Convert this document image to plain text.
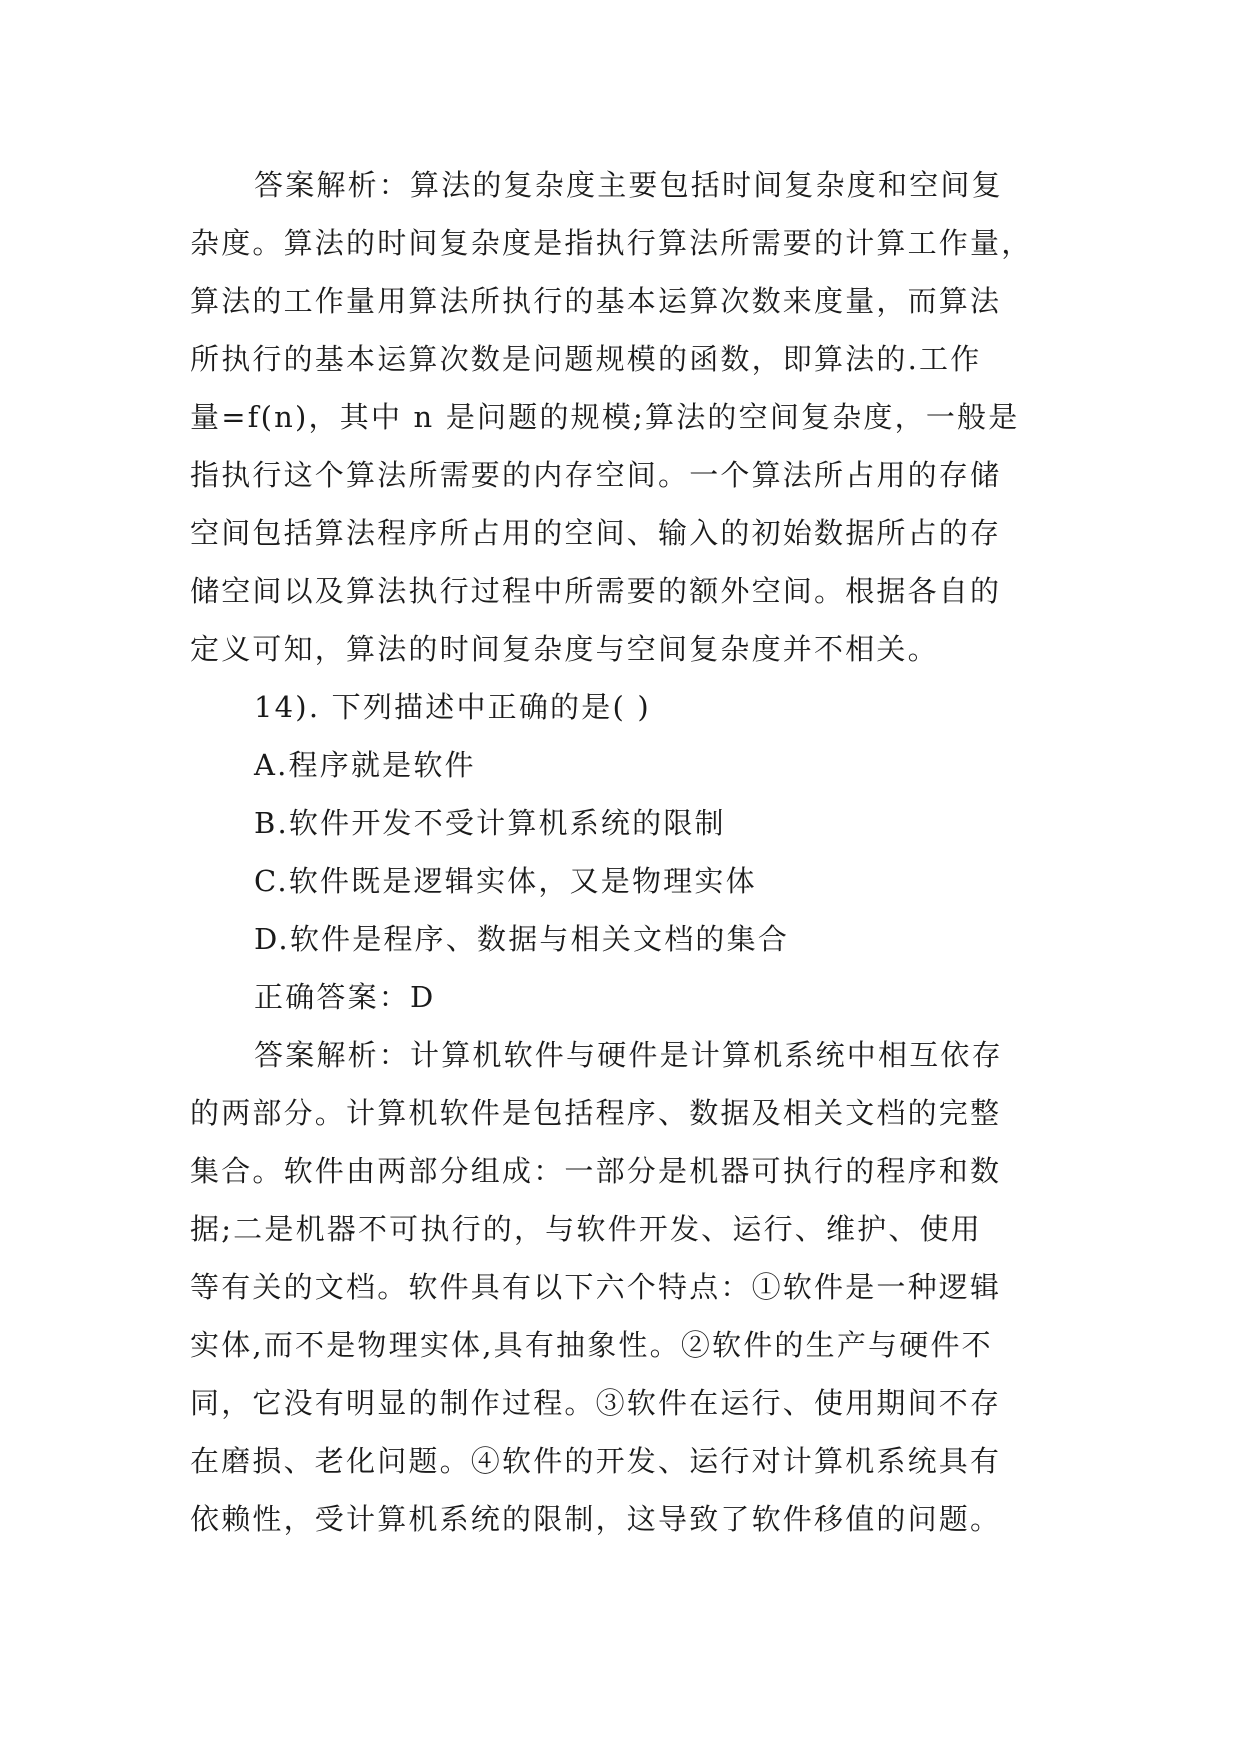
答案解析：算法的复杂度主要包括时间复杂度和空间复
杂度。算法的时间复杂度是指执行算法所需要的计算工作量，
算法的工作量用算法所执行的基本运算次数来度量，而算法
所执行的基本运算次数是问题规模的函数，即算法的.工作
量=f(n)，其中 n 是问题的规模;算法的空间复杂度，一般是
指执行这个算法所需要的内存空间。一个算法所占用的存储
空间包括算法程序所占用的空间、输入的初始数据所占的存
储空间以及算法执行过程中所需要的额外空间。根据各自的
定义可知，算法的时间复杂度与空间复杂度并不相关。
14). 下列描述中正确的是( )
A.程序就是软件
B.软件开发不受计算机系统的限制
C.软件既是逻辑实体，又是物理实体
D.软件是程序、数据与相关文档的集合
正确答案：D
答案解析：计算机软件与硬件是计算机系统中相互依存
的两部分。计算机软件是包括程序、数据及相关文档的完整
集合。软件由两部分组成：一部分是机器可执行的程序和数
据;二是机器不可执行的，与软件开发、运行、维护、使用
等有关的文档。软件具有以下六个特点：①软件是一种逻辑
实体,而不是物理实体,具有抽象性。②软件的生产与硬件不
同，它没有明显的制作过程。③软件在运行、使用期间不存
在磨损、老化问题。④软件的开发、运行对计算机系统具有
依赖性，受计算机系统的限制，这导致了软件移值的问题。
